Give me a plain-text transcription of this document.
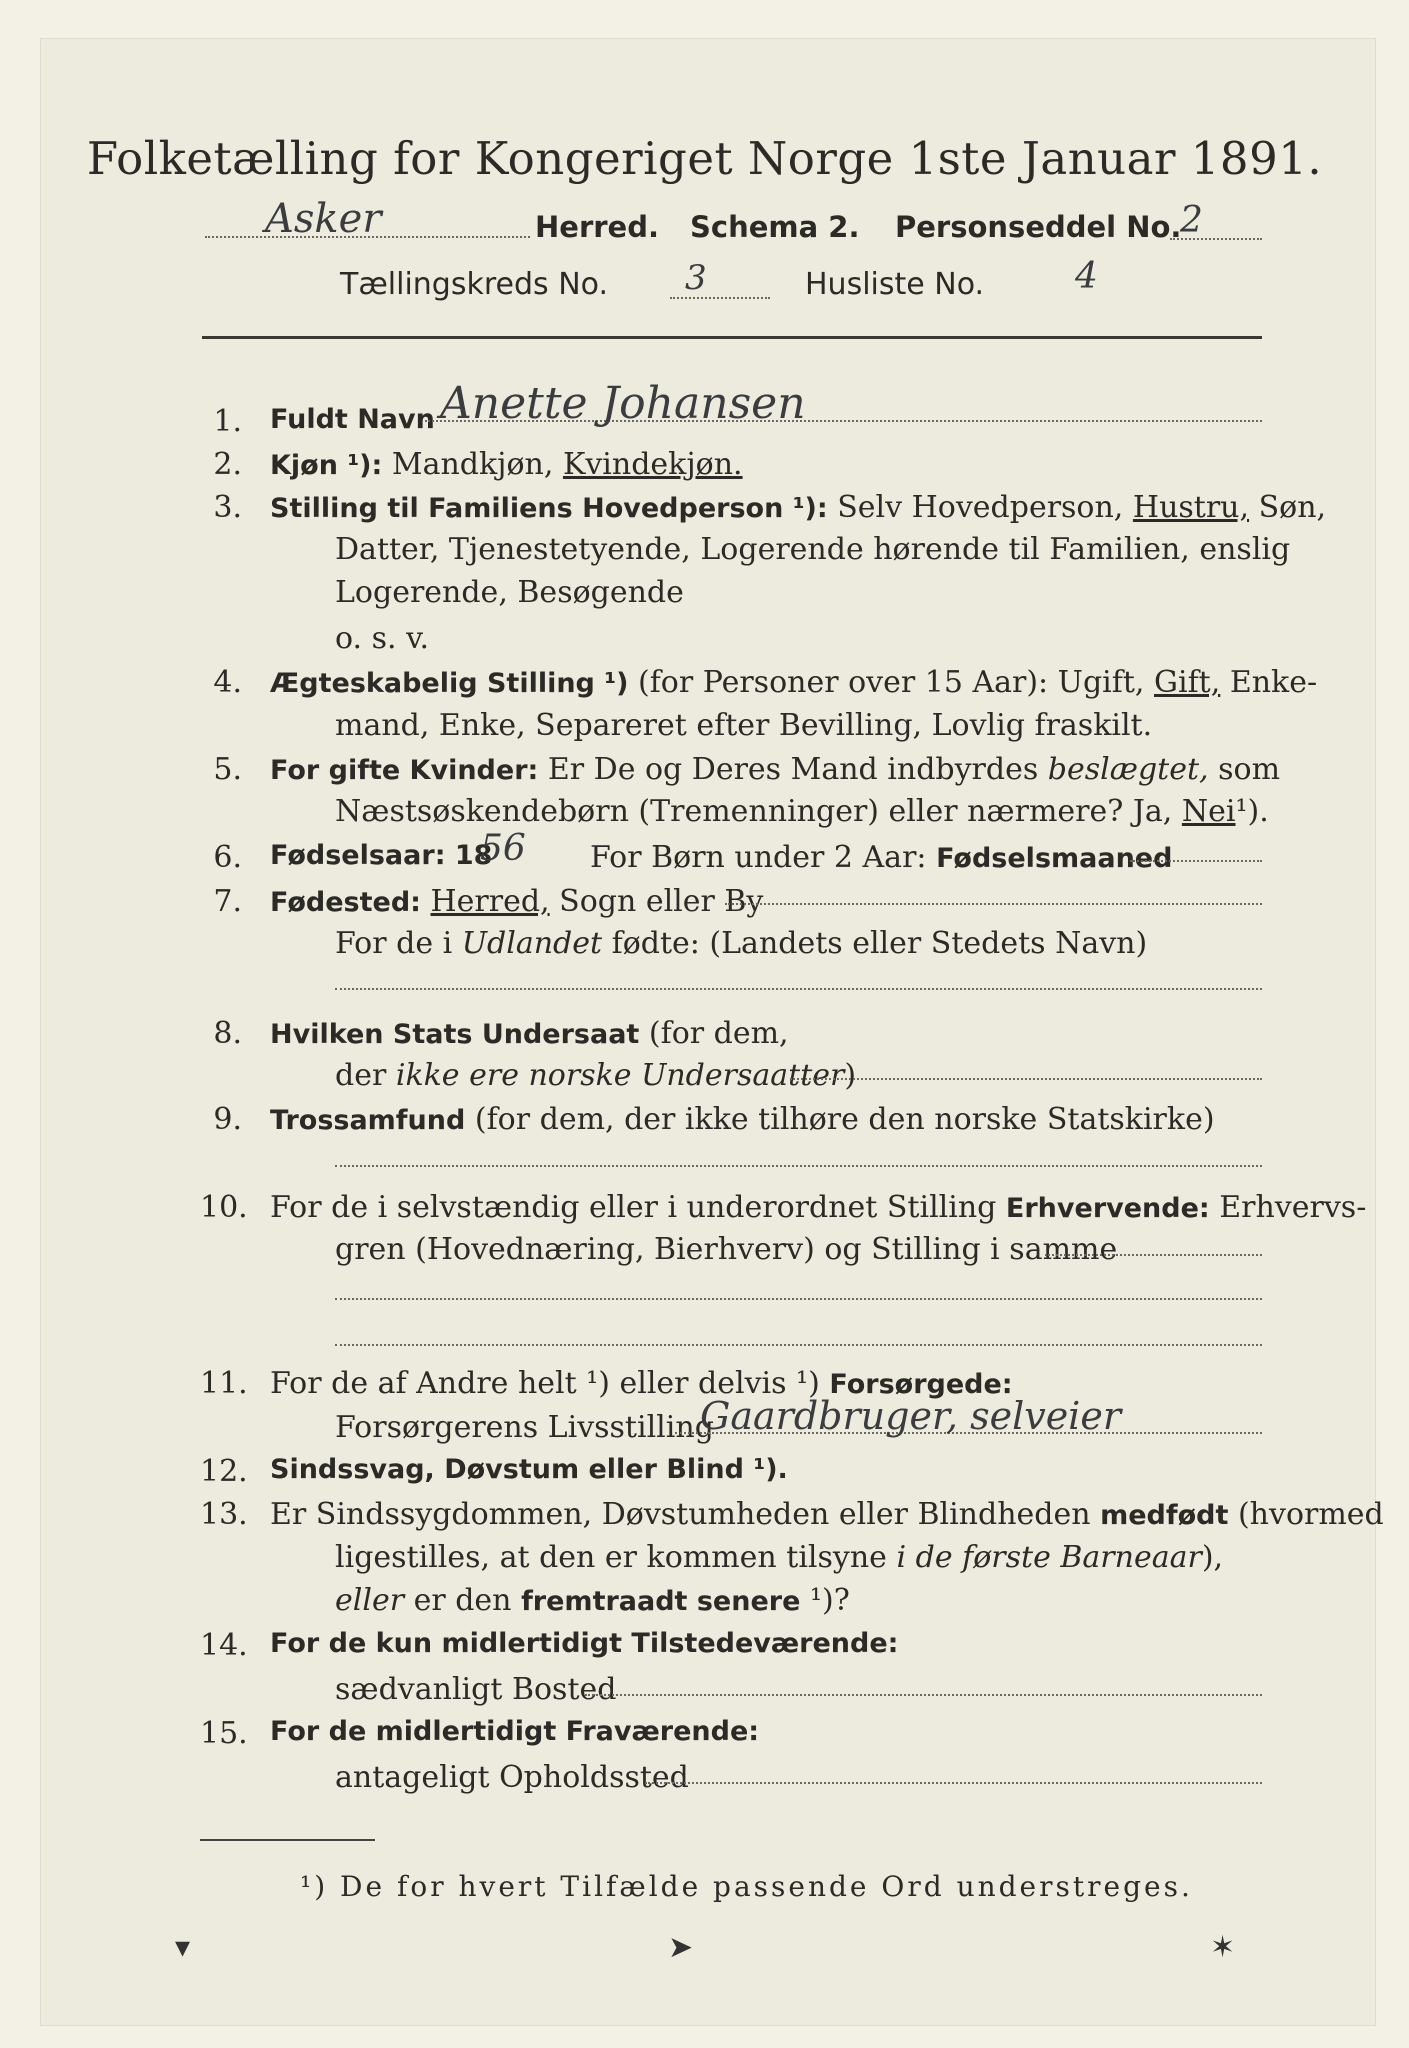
Folketælling for Kongeriget Norge 1ste Januar 1891.
Asker	Herred. Schema 2. Personseddel No.
2
Tællingskreds No. 3	Husliste No.	4
1. Fuldt Navn Anette Johansen
2. Kjøn ¹): Mandkjøn, Kvindekjøn.
3. Stilling til Familiens Hovedperson ¹): Selv Hovedperson, Hustru, Søn,
Datter, Tjenestetyende, Logerende hørende til Familien, enslig
Logerende, Besøgende
o. s. v.
4. Ægteskabelig Stilling ¹) (for Personer over 15 Aar): Ugift, Gift, Enke-
mand, Enke, Separeret efter Bevilling, Lovlig fraskilt.
5. For gifte Kvinder: Er De og Deres Mand indbyrdes beslægtet, som
Næstsøskendebørn (Tremenninger) eller nærmere? Ja, Nei¹).
6. Fødselsaar: 18
56 For Børn under 2 Aar: Fødselsmaaned
7. Fødested: Herred, Sogn eller By
For de i Udlandet fødte: (Landets eller Stedets Navn)
8. Hvilken Stats Undersaat (for dem,
der ikke ere norske Undersaatter)
9. Trossamfund (for dem, der ikke tilhøre den norske Statskirke)
10. For de i selvstændig eller i underordnet Stilling Erhvervende: Erhvervs-
gren (Hovednæring, Bierhverv) og Stilling i samme
11. For de af Andre helt ¹) eller delvis ¹) Forsørgede:
Forsørgerens Livsstilling
Gaardbruger, selveier
12. Sindssvag, Døvstum eller Blind ¹).
13. Er Sindssygdommen, Døvstumheden eller Blindheden medfødt (hvormed
ligestilles, at den er kommen tilsyne i de første Barneaar),
eller er den fremtraadt senere ¹)?
14. For de kun midlertidigt Tilstedeværende:
sædvanligt Bosted
15. For de midlertidigt Fraværende:
antageligt Opholdssted
¹) De for hvert Tilfælde passende Ord understreges.
▾	➤	✶
